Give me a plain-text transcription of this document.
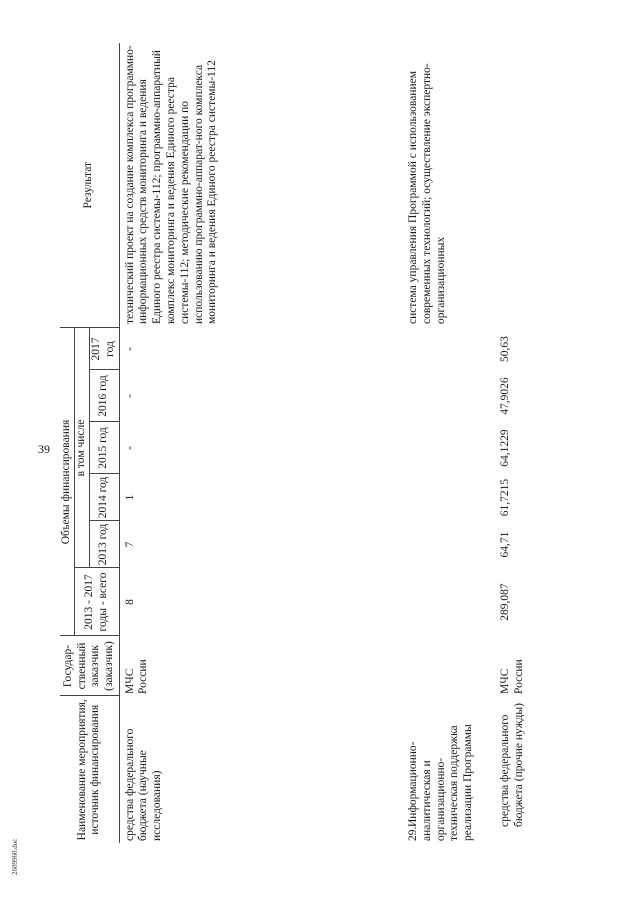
39
Наименование мероприятия, источник финансирования	Государ-ственный заказчик (заказчик)	Объемы финансирования						Результат
		2013 - 2017 годы - всего	в том числе					
			2013 год	2014 год	2015 год	2016 год	2017 год	
средства федерального бюджета (научные исследования)	МЧС России	8	7	1	-	-	-	технический проект на создание комплекса программно-информационных средств мониторинга и ведения Единого реестра системы-112; программно-аппаратный комплекс мониторинга и ведения Единого реестра системы-112; методические рекомендации по использованию программно-аппарат-ного комплекса мониторинга и ведения Единого реестра системы-112
29.Информационно-аналитическая и организационно-техническая поддержка реализации Программы								система управления Программой с использованием современных технологий; осуществление экспертно-организационных
средства федерального бюджета (прочие нужды)	МЧС России	289,087	64,71	61,7215	64,1229	47,9026	50,63	
2609960.doc
